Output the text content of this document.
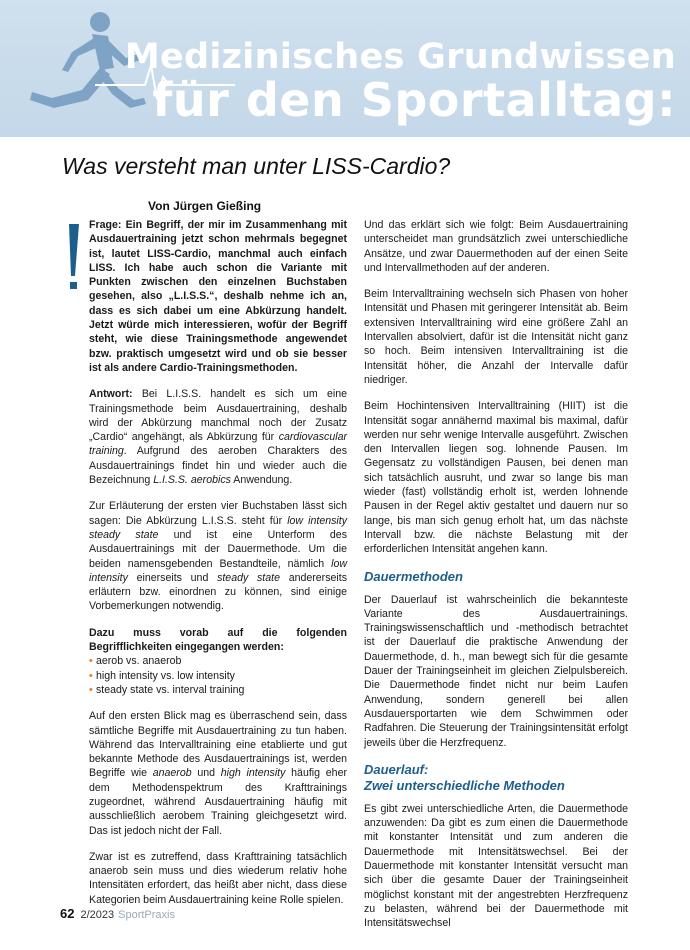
Medizinisches Grundwissen
für den Sportalltag:
Was versteht man unter LISS-Cardio?
Von Jürgen Gießing

Frage: Ein Begriff, der mir im Zusammenhang mit Ausdauertraining jetzt schon mehrmals begegnet ist, lautet LISS-Cardio, manchmal auch einfach LISS. Ich habe auch schon die Variante mit Punkten zwischen den einzelnen Buchstaben gesehen, also „L.I.S.S.“, deshalb nehme ich an, dass es sich dabei um eine Abkürzung handelt. Jetzt würde mich interessieren, wofür der Begriff steht, wie diese Trainingsmethode angewendet bzw. praktisch umgesetzt wird und ob sie besser ist als andere Cardio-Trainingsmethoden.

Antwort: Bei L.I.S.S. handelt es sich um eine Trainingsmethode beim Ausdauertraining, deshalb wird der Abkürzung manchmal noch der Zusatz „Cardio“ angehängt, als Abkürzung für cardiovascular training. Aufgrund des aeroben Charakters des Ausdauertrainings findet hin und wieder auch die Bezeichnung L.I.S.S. aerobics Anwendung.

Zur Erläuterung der ersten vier Buchstaben lässt sich sagen: Die Abkürzung L.I.S.S. steht für low intensity steady state und ist eine Unterform des Ausdauertrainings mit der Dauermethode. Um die beiden namensgebenden Bestandteile, nämlich low intensity einerseits und steady state andererseits erläutern bzw. einordnen zu können, sind einige Vorbemerkungen notwendig.

Dazu muss vorab auf die folgenden Begrifflichkeiten eingegangen werden:

• aerob vs. anaerob
• high intensity vs. low intensity
• steady state vs. interval training

Auf den ersten Blick mag es überraschend sein, dass sämtliche Begriffe mit Ausdauertraining zu tun haben. Während das Intervalltraining eine etablierte und gut bekannte Methode des Ausdauertrainings ist, werden Begriffe wie anaerob und high intensity häufig eher dem Methodenspektrum des Krafttrainings zugeordnet, während Ausdauertraining häufig mit ausschließlich aerobem Training gleichgesetzt wird. Das ist jedoch nicht der Fall.

Zwar ist es zutreffend, dass Krafttraining tatsächlich anaerob sein muss und dies wiederum relativ hohe Intensitäten erfordert, das heißt aber nicht, dass diese Kategorien beim Ausdauertraining keine Rolle spielen.

Und das erklärt sich wie folgt: Beim Ausdauertraining unterscheidet man grundsätzlich zwei unterschiedliche Ansätze, und zwar Dauermethoden auf der einen Seite und Intervallmethoden auf der anderen.

Beim Intervalltraining wechseln sich Phasen von hoher Intensität und Phasen mit geringerer Intensität ab. Beim extensiven Intervalltraining wird eine größere Zahl an Intervallen absolviert, dafür ist die Intensität nicht ganz so hoch. Beim intensiven Intervalltraining ist die Intensität höher, die Anzahl der Intervalle dafür niedriger.

Beim Hochintensiven Intervalltraining (HIIT) ist die Intensität sogar annähernd maximal bis maximal, dafür werden nur sehr wenige Intervalle ausgeführt. Zwischen den Intervallen liegen sog. lohnende Pausen. Im Gegensatz zu vollständigen Pausen, bei denen man sich tatsächlich ausruht, und zwar so lange bis man wieder (fast) vollständig erholt ist, werden lohnende Pausen in der Regel aktiv gestaltet und dauern nur so lange, bis man sich genug erholt hat, um das nächste Intervall bzw. die nächste Belastung mit der erforderlichen Intensität angehen kann.

Dauermethoden

Der Dauerlauf ist wahrscheinlich die bekannteste Variante des Ausdauertrainings. Trainingswissenschaftlich und -methodisch betrachtet ist der Dauerlauf die praktische Anwendung der Dauermethode, d. h., man bewegt sich für die gesamte Dauer der Trainingseinheit im gleichen Zielpulsbereich. Die Dauermethode findet nicht nur beim Laufen Anwendung, sondern generell bei allen Ausdauersportarten wie dem Schwimmen oder Radfahren. Die Steuerung der Trainingsintensität erfolgt jeweils über die Herzfrequenz.

Dauerlauf:
Zwei unterschiedliche Methoden

Es gibt zwei unterschiedliche Arten, die Dauermethode anzuwenden: Da gibt es zum einen die Dauermethode mit konstanter Intensität und zum anderen die Dauermethode mit Intensitätswechsel. Bei der Dauermethode mit konstanter Intensität versucht man sich über die gesamte Dauer der Trainingseinheit möglichst konstant mit der angestrebten Herzfrequenz zu belasten, während bei der Dauermethode mit Intensitätswechsel

62 2/2023 SportPraxis
